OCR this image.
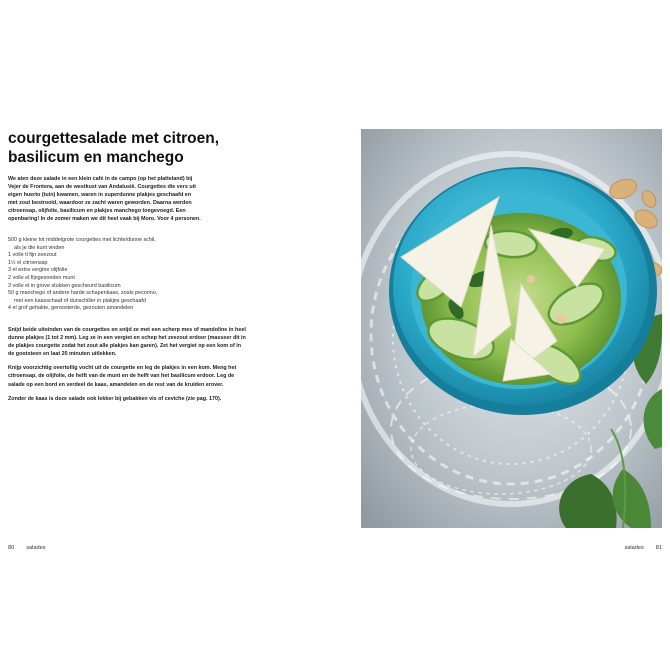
courgettesalade met citroen,
basilicum en manchego
We aten deze salade in een klein café in de campo (op het platteland) bij
Vejer de Frontera, aan de westkust van Andalusië. Courgettes die vers uit
eigen huerto (tuin) kwamen, waren in superdunne plakjes geschaafd en
met zout bestrooid, waardoor ze zacht waren geworden. Daarna werden
citroensap, olijfolie, basilicum en plakjes manchego toegevoegd. Een
openbaring! In de zomer maken we dit heel vaak bij Moro. Voor 4 personen.
500 g kleine tot middelgrote courgettes met lichte/dunne schil,
als je die kunt vinden
1 volle tl fijn zeezout
1½ el citroensap
3 el extra vergine olijfolie
2 volle el fijngesneden munt
3 volle el in grove stukken gescheurd basilicum
50 g manchego of andere harde schapenkaas, zoals pecorino,
met een kaasschaaf of dunschiller in plakjes geschaafd
4 el grof gehakte, geroosterde, gezouten amandelen

Snijd beide uiteinden van de courgettes en snijd ze met een scherp mes of mandoline in heel dunne plakjes (1 tot 2 mm). Leg ze in een vergiet en schep het zeezout erdoor (masseer dit in de plakjes courgette zodat het zout alle plakjes kan garen). Zet het vergiet op een kom of in de gootsteen en laat 20 minuten uitlekken.

Knijp voorzichtig overtollig vocht uit de courgette en leg de plakjes in een kom. Meng het citroensap, de olijfolie, de helft van de munt en de helft van het basilicum erdoor. Leg de salade op een bord en verdeel de kaas, amandelen en de rest van de kruiden erover.

Zonder de kaas is deze salade ook lekker bij gebakken vis of ceviche (zie pag. 170).

80 salades	salades 81
